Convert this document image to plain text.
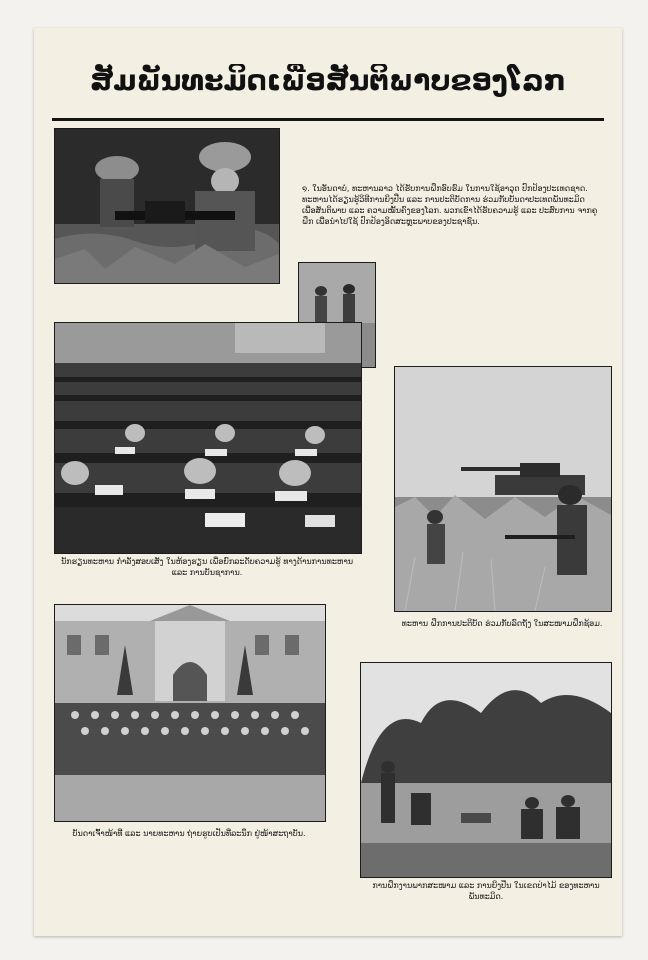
ສັມພັນທະມິດເພື່ອສັນຕິພາບຂອງໂລກ
໑. ໃນອັນດາບໍ, ທະຫານລາວ ໄດ້ຮັບການຝຶກອົບຮົມ ໃນການໃຊ້ອາວຸດ ປົກປ້ອງປະເທດຊາດ. ທະຫານໄດ້ຮຽນຮູ້ວິທີການຍິງປືນ ແລະ ການປະຕິບັດການ ຮ່ວມກັບບັນດາປະເທດພັນທະມິດ ເພື່ອສັນຕິພາບ ແລະ ຄວາມໝັ້ນຄົງຂອງໂລກ. ພວກເຂົາໄດ້ຮັບຄວາມຮູ້ ແລະ ປະສົບການ ຈາກຄູຝຶກ ເພື່ອນຳໄປໃຊ້ ປົກປ້ອງອິດສະຫຼະພາບຂອງປະຊາຊົນ.
ນັກຮຽນທະຫານ ກຳລັງສອບເສັງ ໃນຫ້ອງຮຽນ ເພື່ອຍົກລະດັບຄວາມຮູ້ ທາງດ້ານການທະຫານ ແລະ ການບັນຊາການ.
ທະຫານ ຝຶກການປະຕິບັດ ຮ່ວມກັບລົດຖັງ ໃນສະໜາມຝຶກຊ້ອມ.
ບັນດາເຈົ້າໜ້າທີ່ ແລະ ນາຍທະຫານ ຖ່າຍຮູບເປັນທີ່ລະນຶກ ຢູ່ໜ້າສະຖາບັນ.
ການຝຶກງານພາກສະໜາມ ແລະ ການຍິງປືນ ໃນເຂດປ່າໄມ້ ຂອງທະຫານພັນທະມິດ.
